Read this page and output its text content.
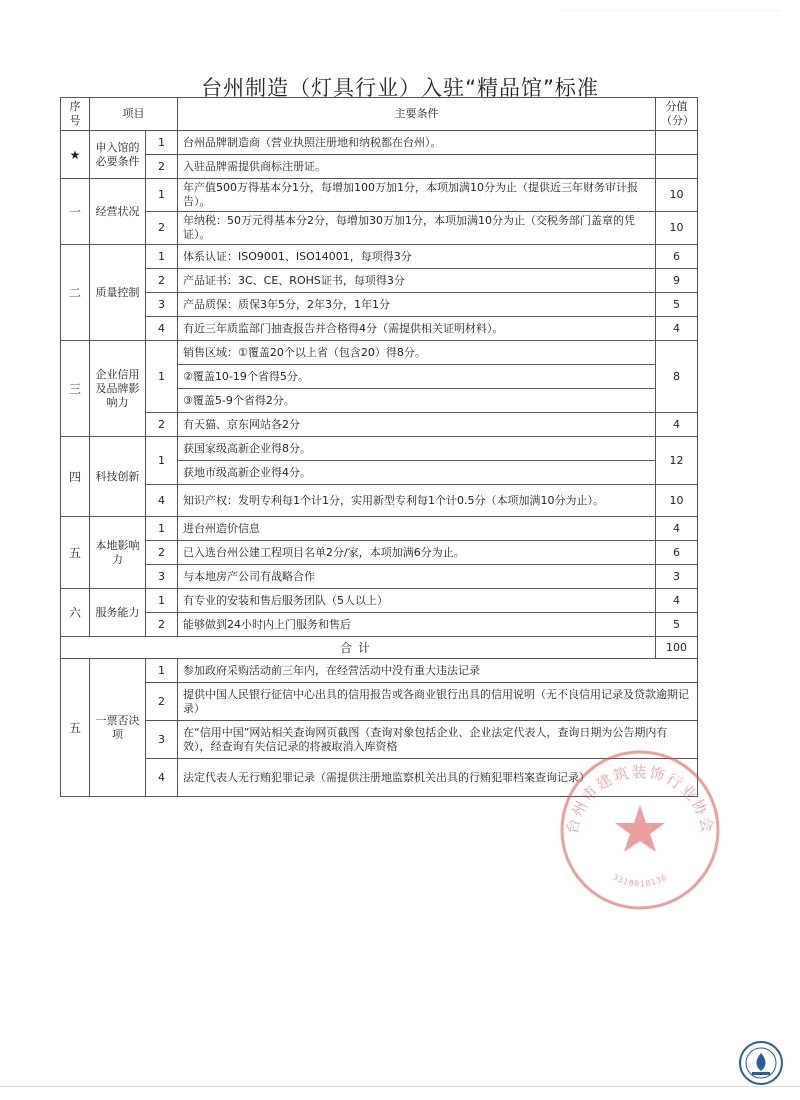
台州制造（灯具行业）入驻“精品馆”标准
序号	项目		主要条件	分值（分）
★	申入馆的必要条件	1	台州品牌制造商（营业执照注册地和纳税都在台州）。	
		2	入驻品牌需提供商标注册证。	
一	经营状况	1	年产值500万得基本分1分，每增加100万加1分，本项加满10分为止（提供近三年财务审计报告）。	10
		2	年纳税：50万元得基本分2分，每增加30万加1分，本项加满10分为止（交税务部门盖章的凭证）。	10
二	质量控制	1	体系认证：ISO9001、ISO14001，每项得3分	6
		2	产品证书：3C、CE、ROHS证书，每项得3分	9
		3	产品质保：质保3年5分，2年3分，1年1分	5
		4	有近三年质监部门抽查报告并合格得4分（需提供相关证明材料）。	4
三	企业信用及品牌影响力	1	销售区域：①覆盖20个以上省（包含20）得8分。	8
			②覆盖10-19个省得5分。	
			③覆盖5-9个省得2分。	
		2	有天猫、京东网站各2分	4
四	科技创新	1	获国家级高新企业得8分。	12
			获地市级高新企业得4分。	
		4	知识产权：发明专利每1个计1分，实用新型专利每1个计0.5分（本项加满10分为止）。	10
五	本地影响力	1	进台州造价信息	4
		2	已入选台州公建工程项目名单2分/家，本项加满6分为止。	6
		3	与本地房产公司有战略合作	3
六	服务能力	1	有专业的安装和售后服务团队（5人以上）	4
		2	能够做到24小时内上门服务和售后	5
合计				100
五	一票否决项	1	参加政府采购活动前三年内，在经营活动中没有重大违法记录	
		2	提供中国人民银行征信中心出具的信用报告或各商业银行出具的信用说明（无不良信用记录及贷款逾期记录）	
		3	在“信用中国”网站相关查询网页截图（查询对象包括企业、企业法定代表人，查询日期为公告期内有效），经查询有失信记录的将被取消入库资格	
		4	法定代表人无行贿犯罪记录（需提供注册地监察机关出具的行贿犯罪档案查询记录）	
台州市建筑装饰行业协会
3310010136
